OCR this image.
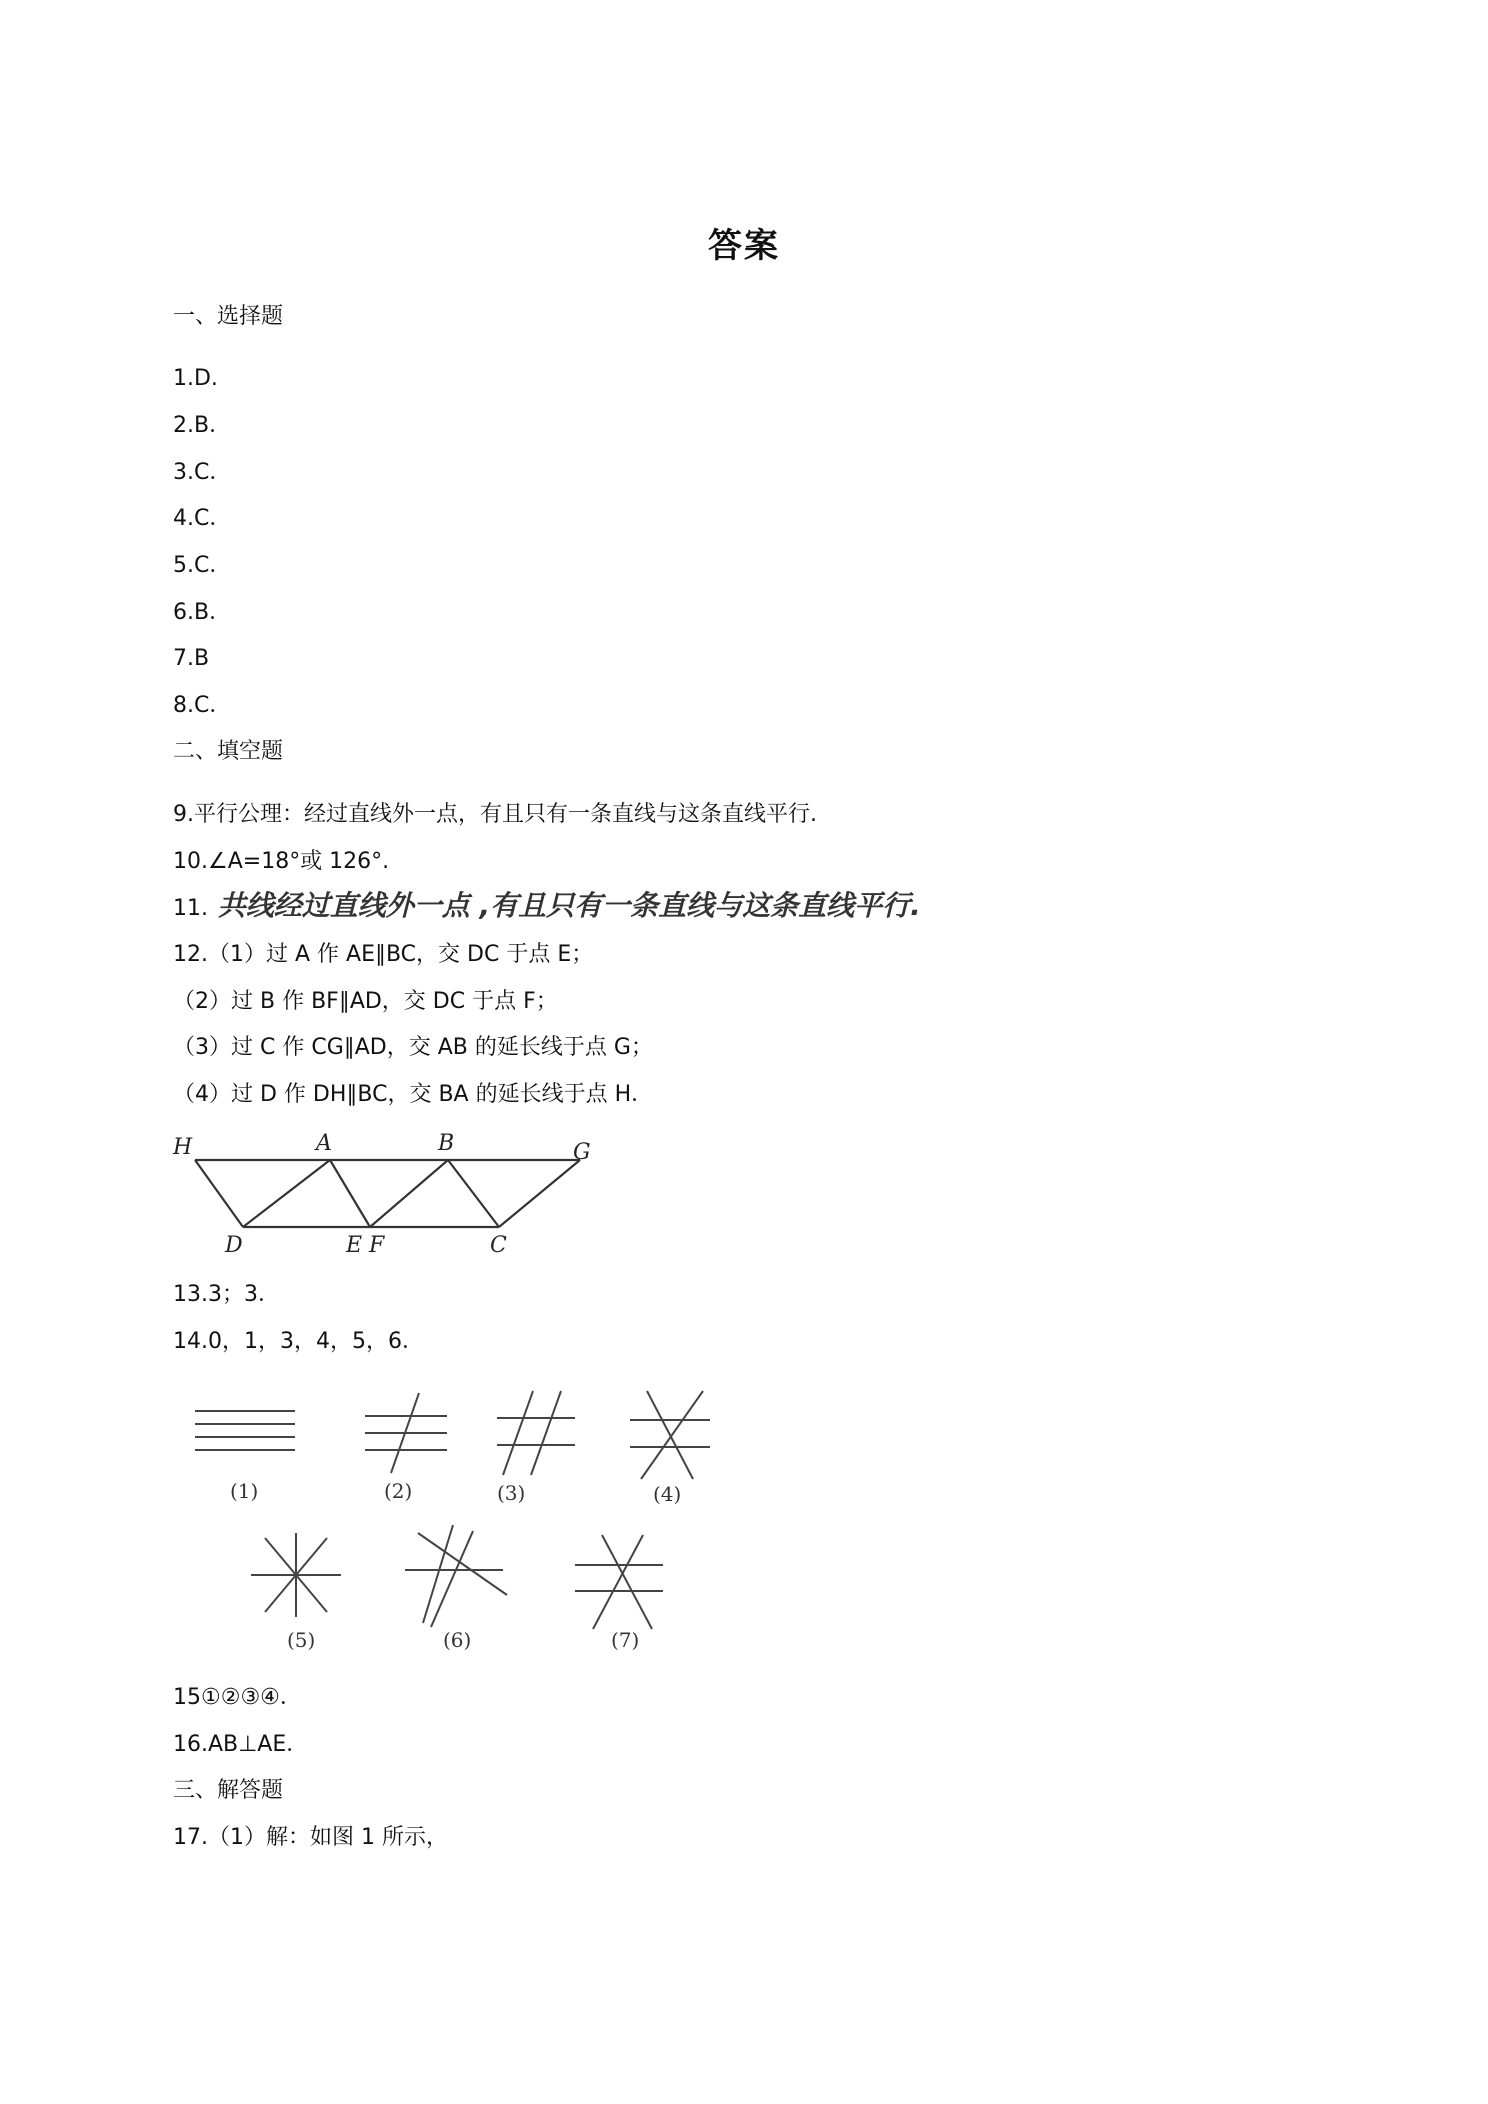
答案
一、选择题
1.D.
2.B．
3.C．
4.C．
5.C．
6.B．
7.B
8.C．
二、填空题
9.平行公理：经过直线外一点，有且只有一条直线与这条直线平行.
10.∠A=18°或 126°.
11. 共线经过直线外一点 ,有且只有一条直线与这条直线平行.
12.（1）过 A 作 AE∥BC，交 DC 于点 E；
（2）过 B 作 BF∥AD，交 DC 于点 F；
（3）过 C 作 CG∥AD，交 AB 的延长线于点 G；
（4）过 D 作 DH∥BC，交 BA 的延长线于点 H．
H	A	B	G
D	E F	C
13.3；3．
14.0，1，3，4，5，6．
(1)	(2)	(3)	(4)
(5)	(6)	(7)
15①②③④．
16.AB⊥AE．
三、解答题
17.（1）解：如图 1 所示，
